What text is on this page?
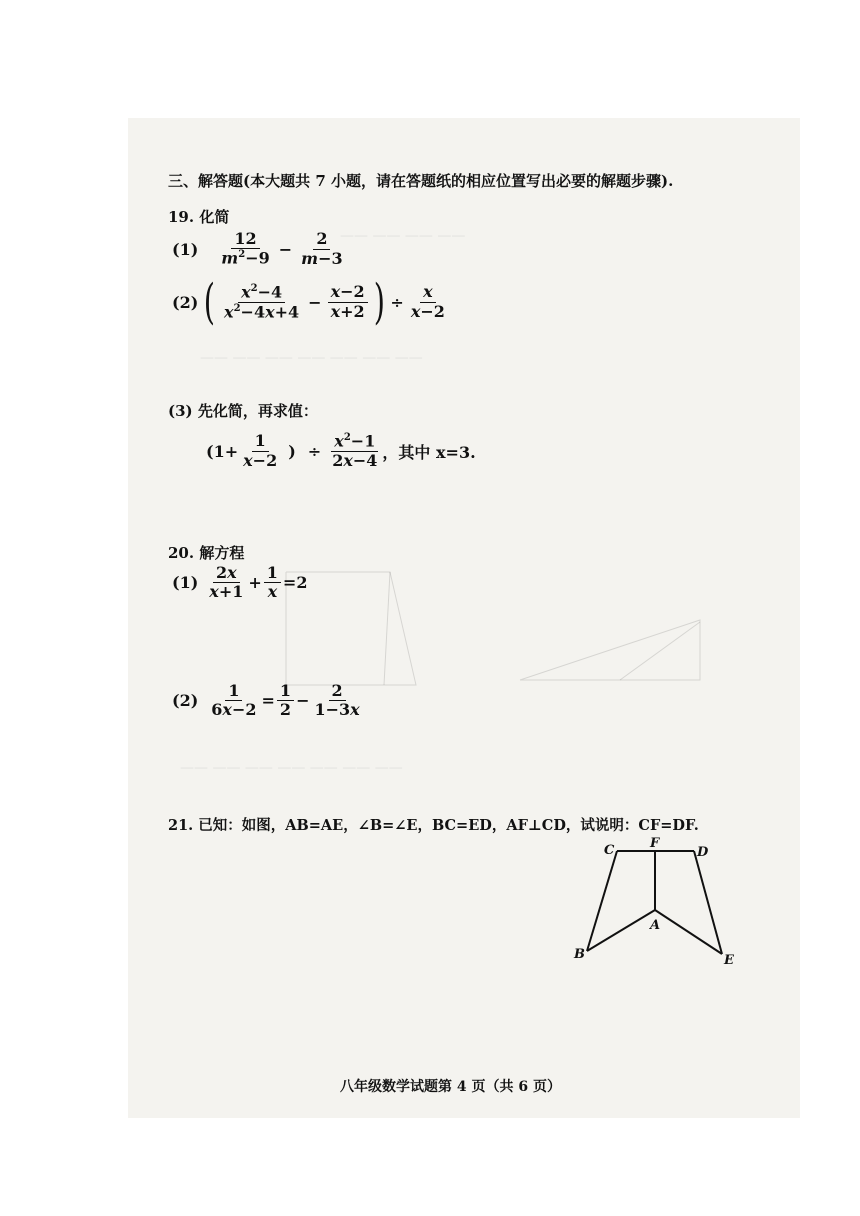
—— —— —— ——
—— —— —— —— —— —— ——
—— —— —— —— —— —— ——
三、解答题(本大题共 7 小题，请在答题纸的相应位置写出必要的解题步骤).
19. 化简
$(1) \frac{12}{m^2-9} - \frac{2}{m-3}$
(2) ( $\frac{x^2-4}{x^2-4x+4} - \frac{x-2}{x+2}$ ) ÷ $\frac{x}{x-2}$
(3) 先化简，再求值：
($1+ \frac{1}{x-2}$ ) ÷ $\frac{x^2-1}{2x-4}$ ，其中 x=3.
20. 解方程
$(1) \frac{2x}{x+1} + \frac{1}{x} =2$
$(2) \frac{1}{6x-2} = \frac{1}{2} - \frac{2}{1-3x}$
21. 已知：如图，AB=AE，∠B=∠E，BC=ED，AF⊥CD，试说明：CF=DF.
C	F
D
A
B	E
八年级数学试题第 4 页（共 6 页）
